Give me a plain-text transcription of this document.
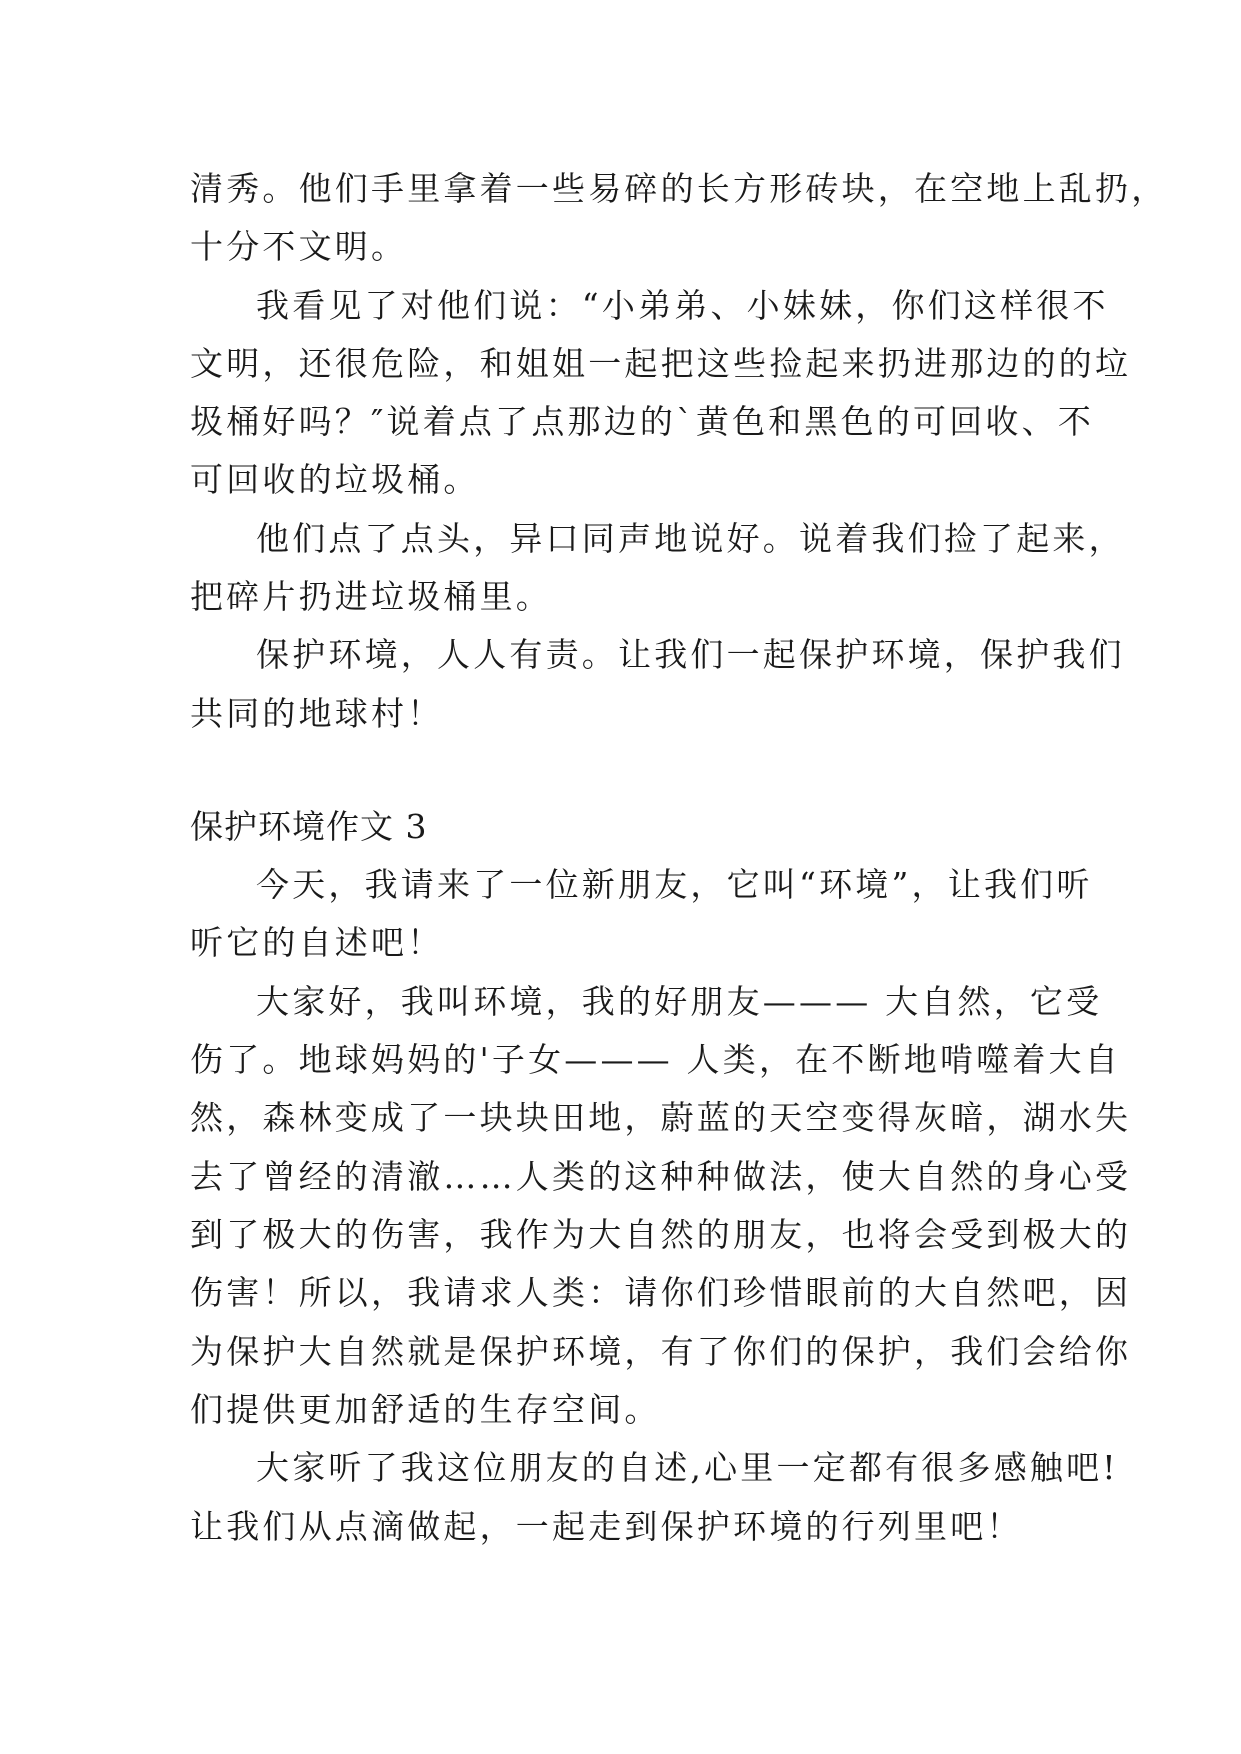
清秀。他们手里拿着一些易碎的长方形砖块，在空地上乱扔，

十分不文明。

我看见了对他们说：“小弟弟、小妹妹，你们这样很不

文明，还很危险，和姐姐一起把这些捡起来扔进那边的的垃

圾桶好吗？″说着点了点那边的`黄色和黑色的可回收、不

可回收的垃圾桶。

他们点了点头，异口同声地说好。说着我们捡了起来，

把碎片扔进垃圾桶里。

保护环境，人人有责。让我们一起保护环境，保护我们

共同的地球村！

保护环境作文 3

今天，我请来了一位新朋友，它叫“环境”，让我们听

听它的自述吧！

大家好，我叫环境，我的好朋友——— 大自然，它受

伤了。地球妈妈的'子女——— 人类，在不断地啃噬着大自

然，森林变成了一块块田地，蔚蓝的天空变得灰暗，湖水失

去了曾经的清澈……人类的这种种做法，使大自然的身心受

到了极大的伤害，我作为大自然的朋友，也将会受到极大的

伤害！所以，我请求人类：请你们珍惜眼前的大自然吧，因

为保护大自然就是保护环境，有了你们的保护，我们会给你

们提供更加舒适的生存空间。

大家听了我这位朋友的自述,心里一定都有很多感触吧!

让我们从点滴做起，一起走到保护环境的行列里吧！
